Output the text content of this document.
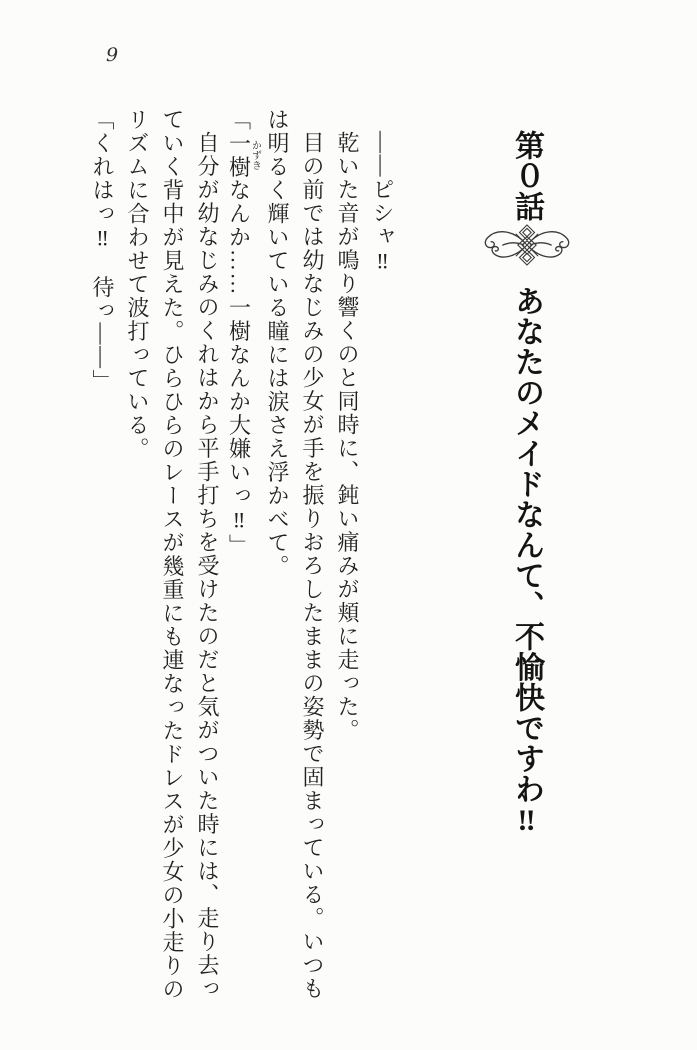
9
第０話あなたのメイドなんて、不愉快ですわ‼
――ピシャ‼
乾いた音が鳴り響くのと同時に、鈍い痛みが頬に走った。
目の前では幼なじみの少女が手を振りおろしたままの姿勢で固まっている。いつも
は明るく輝いている瞳には涙さえ浮かべて。
「一樹かずきなんか……一樹なんか大嫌いっ‼」
自分が幼なじみのくれはから平手打ちを受けたのだと気がついた時には、走り去っ
ていく背中が見えた。ひらひらのレースが幾重にも連なったドレスが少女の小走りの
リズムに合わせて波打っている。
「くれはっ‼　待っ――」
